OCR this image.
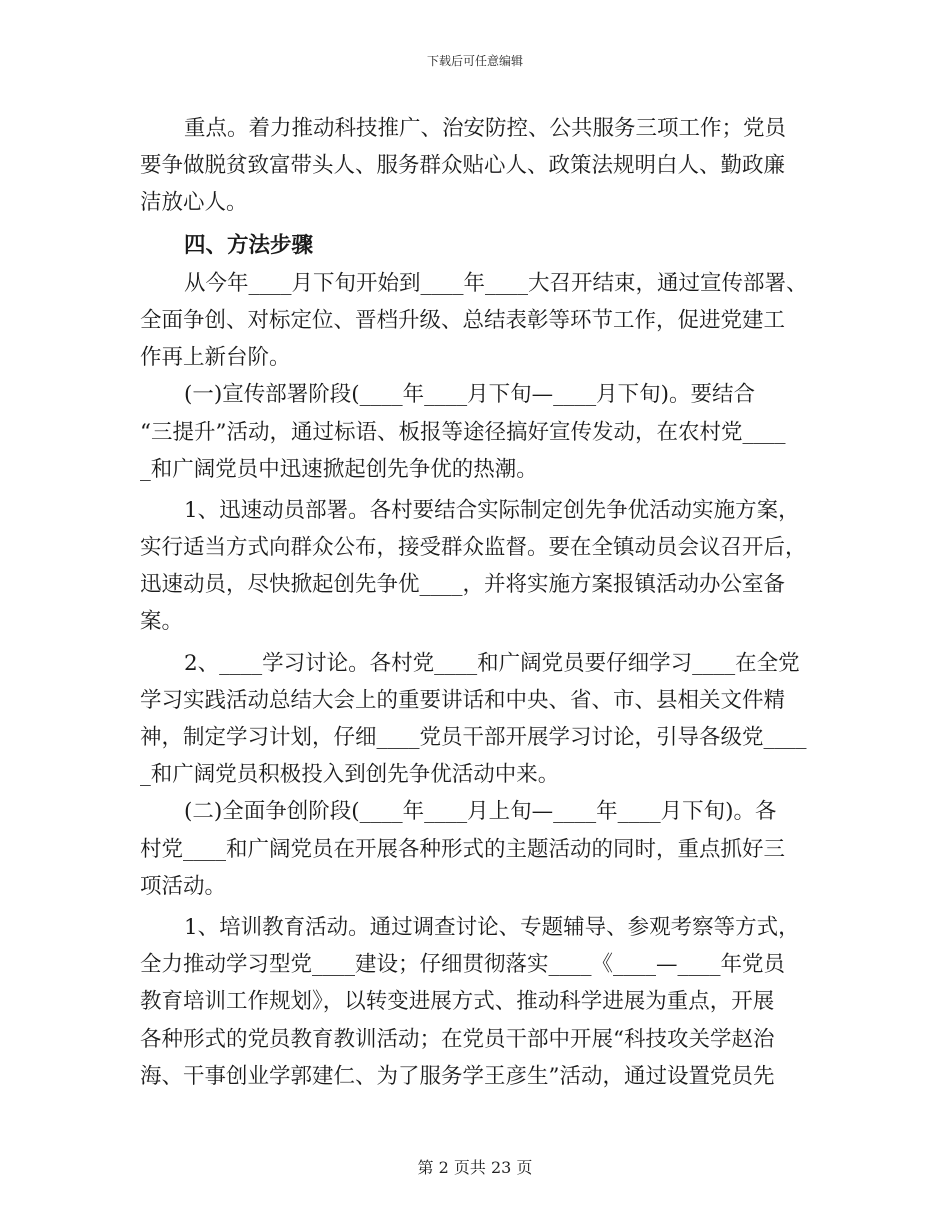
下载后可任意编辑
重点。着力推动科技推广、治安防控、公共服务三项工作；党员
要争做脱贫致富带头人、服务群众贴心人、政策法规明白人、勤政廉
洁放心人。
四、方法步骤
从今年____月下旬开始到____年____大召开结束，通过宣传部署、
全面争创、对标定位、晋档升级、总结表彰等环节工作，促进党建工
作再上新台阶。
(一)宣传部署阶段(____年____月下旬—____月下旬)。要结合
“三提升”活动，通过标语、板报等途径搞好宣传发动，在农村党____
_和广阔党员中迅速掀起创先争优的热潮。
1、迅速动员部署。各村要结合实际制定创先争优活动实施方案，
实行适当方式向群众公布，接受群众监督。要在全镇动员会议召开后，
迅速动员，尽快掀起创先争优____，并将实施方案报镇活动办公室备
案。
2、____学习讨论。各村党____和广阔党员要仔细学习____在全党
学习实践活动总结大会上的重要讲话和中央、省、市、县相关文件精
神，制定学习计划，仔细____党员干部开展学习讨论，引导各级党____
_和广阔党员积极投入到创先争优活动中来。
(二)全面争创阶段(____年____月上旬—____年____月下旬)。各
村党____和广阔党员在开展各种形式的主题活动的同时，重点抓好三
项活动。
1、培训教育活动。通过调查讨论、专题辅导、参观考察等方式，
全力推动学习型党____建设；仔细贯彻落实____《____—____年党员
教育培训工作规划》，以转变进展方式、推动科学进展为重点，开展
各种形式的党员教育教训活动；在党员干部中开展“科技攻关学赵治
海、干事创业学郭建仁、为了服务学王彦生”活动，通过设置党员先
第 2 页共 23 页
